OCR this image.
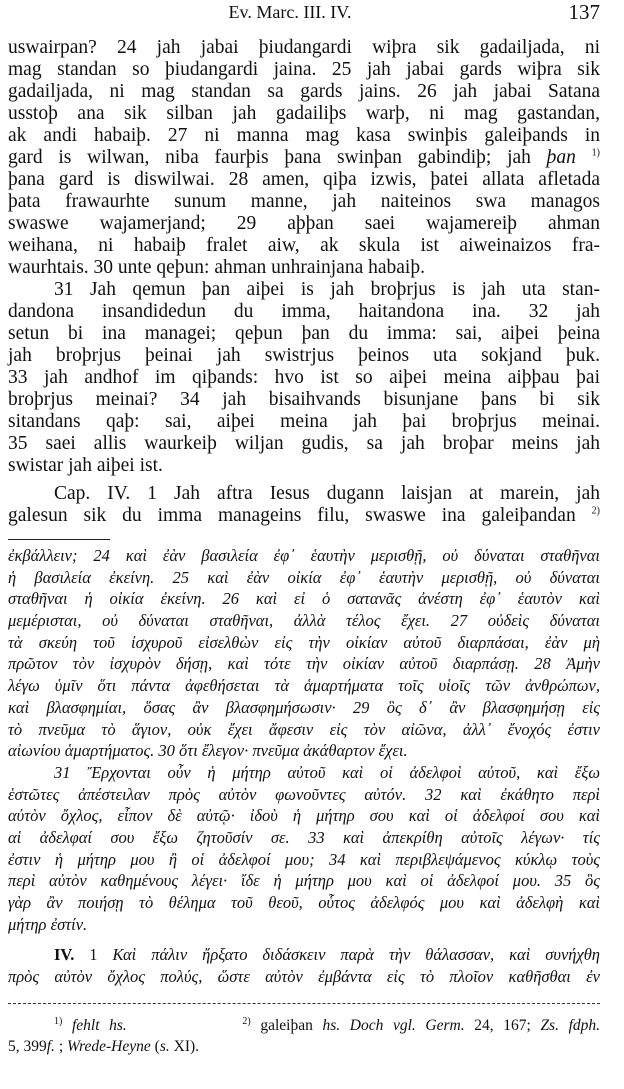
Ev. Marc. III. IV.	137
uswairpan? 24 jah jabai þiudangardi wiþra sik gadailjada, ni
mag standan so þiudangardi jaina. 25 jah jabai gards wiþra sik
gadailjada, ni mag standan sa gards jains. 26 jah jabai Satana
usstoþ ana sik silban jah gadailiþs warþ, ni mag gastandan,
ak andi habaiþ. 27 ni manna mag kasa swinþis galeiþands in
gard is wilwan, niba faurþis þana swinþan gabindiþ; jah þan $^{1)}$
þana gard is diswilwai. 28 amen, qiþa izwis, þatei allata afletada
þata frawaurhte sunum manne, jah naiteinos swa managos
swaswe wajamerjand; 29 aþþan saei wajamereiþ ahman
weihana, ni habaiþ fralet aiw, ak skula ist aiweinaizos fra-
waurhtais. 30 unte qeþun: ahman unhrainjana habaiþ.
31 Jah qemun þan aiþei is jah broþrjus is jah uta stan-
dandona insandidedun du imma, haitandona ina. 32 jah
setun bi ina managei; qeþun þan du imma: sai, aiþei þeina
jah broþrjus þeinai jah swistrjus þeinos uta sokjand þuk.
33 jah andhof im qiþands: hvo ist so aiþei meina aiþþau þai
broþrjus meinai? 34 jah bisaihvands bisunjane þans bi sik
sitandans qaþ: sai, aiþei meina jah þai broþrjus meinai.
35 saei allis waurkeiþ wiljan gudis, sa jah broþar meins jah
swistar jah aiþei ist.
Cap. IV. 1 Jah aftra Iesus dugann laisjan at marein, jah
galesun sik du imma manageins filu, swaswe ina galeiþandan $^{2)}$
ἐκβάλλειν; 24 καὶ ἐὰν βασιλεία ἐφ᾽ ἑαυτὴν μερισθῇ, οὐ δύναται σταθῆναι
ἡ βασιλεία ἐκείνη. 25 καὶ ἐὰν οἰκία ἐφ᾽ ἑαυτὴν μερισθῇ, οὐ δύναται
σταθῆναι ἡ οἰκία ἐκείνη. 26 καὶ εἰ ὁ σατανᾶς ἀνέστη ἐφ᾽ ἑαυτὸν καὶ
μεμέρισται, οὐ δύναται σταθῆναι, ἀλλὰ τέλος ἔχει. 27 οὐδεὶς δύναται
τὰ σκεύη τοῦ ἰσχυροῦ εἰσελθὼν εἰς τὴν οἰκίαν αὐτοῦ διαρπάσαι, ἐὰν μὴ
πρῶτον τὸν ἰσχυρὸν δήσῃ, καὶ τότε τὴν οἰκίαν αὐτοῦ διαρπάσῃ. 28 Ἀμὴν
λέγω ὑμῖν ὅτι πάντα ἀφεθήσεται τὰ ἁμαρτήματα τοῖς υἱοῖς τῶν ἀνθρώπων,
καὶ βλασφημίαι, ὅσας ἂν βλασφημήσωσιν· 29 ὃς δ᾽ ἂν βλασφημήσῃ εἰς
τὸ πνεῦμα τὸ ἅγιον, οὐκ ἔχει ἄφεσιν εἰς τὸν αἰῶνα, ἀλλ᾽ ἔνοχός ἐστιν
αἰωνίου ἁμαρτήματος. 30 ὅτι ἔλεγον· πνεῦμα ἀκάθαρτον ἔχει.
31 Ἔρχονται οὖν ἡ μήτηρ αὐτοῦ καὶ οἱ ἀδελφοὶ αὐτοῦ, καὶ ἔξω
ἑστῶτες ἀπέστειλαν πρὸς αὐτὸν φωνοῦντες αὐτόν. 32 καὶ ἐκάθητο περὶ
αὐτὸν ὄχλος, εἶπον δὲ αὐτῷ· ἰδοὺ ἡ μήτηρ σου καὶ οἱ ἀδελφοί σου καὶ
αἱ ἀδελφαί σου ἔξω ζητοῦσίν σε. 33 καὶ ἀπεκρίθη αὐτοῖς λέγων· τίς
ἐστιν ἡ μήτηρ μου ἢ οἱ ἀδελφοί μου; 34 καὶ περιβλεψάμενος κύκλῳ τοὺς
περὶ αὐτὸν καθημένους λέγει· ἴδε ἡ μήτηρ μου καὶ οἱ ἀδελφοί μου. 35 ὃς
γὰρ ἂν ποιήσῃ τὸ θέλημα τοῦ θεοῦ, οὗτος ἀδελφός μου καὶ ἀδελφὴ καὶ
μήτηρ ἐστίν.
IV. 1 Καὶ πάλιν ἤρξατο διδάσκειν παρὰ τὴν θάλασσαν, καὶ συνήχθη
πρὸς αὐτὸν ὄχλος πολύς, ὥστε αὐτὸν ἐμβάντα εἰς τὸ πλοῖον καθῆσθαι ἐν
$^{1)}$ fehlt hs.	$^{2)}$ galeiþan hs. Doch vgl. Germ. 24, 167; Zs. fdph.
5, 399f. ; Wrede-Heyne (s. XI).
